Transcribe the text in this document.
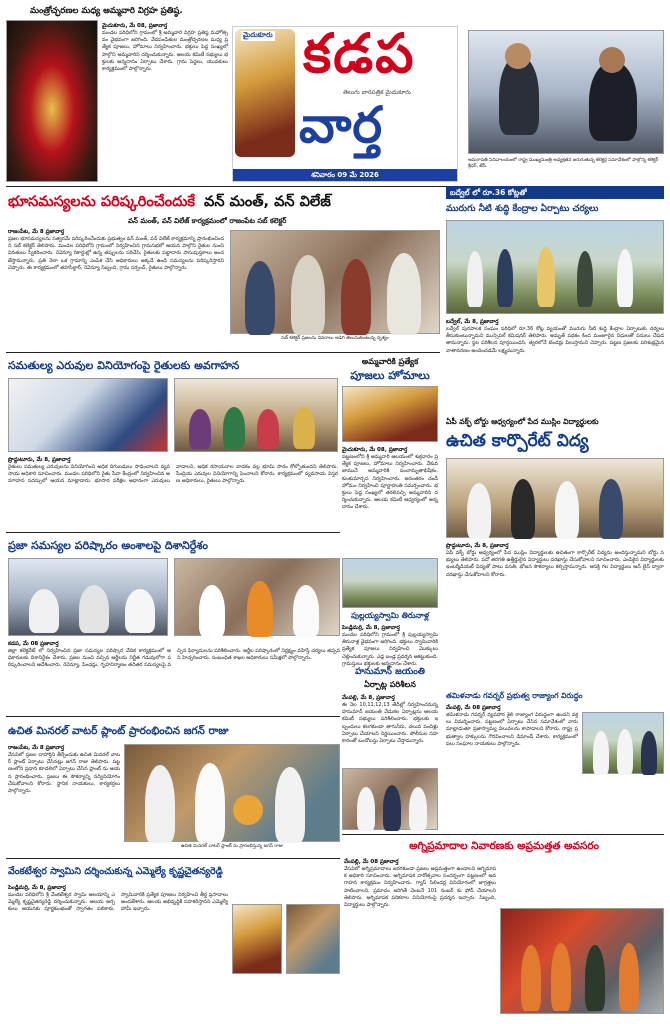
మంత్రోచ్ఛరణల మధ్య అమ్మవారి విగ్రహ ప్రతిష్ఠ.
మైదుకూరు, మే 08, ప్రజావార్త
మండల పరిధిలోని గ్రామంలో శ్రీ అమ్మవారి విగ్రహ ప్రతిష్ఠ మహోత్సవం వైభవంగా జరిగింది. వేదపండితుల మంత్రోచ్ఛరణల మధ్య ప్రత్యేక పూజలు, హోమాలు నిర్వహించారు. భక్తులు పెద్ద సంఖ్యలో పాల్గొని అమ్మవారిని దర్శించుకున్నారు. ఆలయ కమిటీ సభ్యులు భక్తులకు అన్నదానం ఏర్పాటు చేశారు. గ్రామ పెద్దలు, యువకులు కార్యక్రమంలో పాల్గొన్నారు.
మైదుకూరు కడప
తెలుగు వారపత్రిక మైదుకూరు
వార్త
శనివారం 09 మే 2026
అమరావతి సచివాలయంలో రాష్ట్ర ముఖ్యమంత్రి అధ్యక్షతన జరుగుతున్న కలెక్టర్ల సమావేశంలో పాల్గొన్న కలెక్టర్ శ్రీధర్, జేసీ.
భూసమస్యలను పరిష్కరించేందుకే వన్ మంత్, వన్ విలేజ్
బద్వేల్ లో రూ.36 కోట్లతో
మురుగు నీటి శుద్ధి కేంద్రాల ఏర్పాటు చర్యలు
వన్ మంత్, వన్ విలేజ్ కార్యక్రమంలో రాజంపేట సబ్ కలెక్టర్
రాజంపేట, మే 8 ప్రజావార్త
ప్రజల భూసమస్యలను సత్వరమే పరిష్కరించేందుకు ప్రభుత్వం వన్ మంత్, వన్ విలేజ్ కార్యక్రమాన్ని ప్రారంభించిందని సబ్ కలెక్టర్ తెలిపారు. మండల పరిధిలోని గ్రామంలో నిర్వహించిన గ్రామసభలో ఆయన పాల్గొని రైతుల నుంచి వినతులు స్వీకరించారు. రెవెన్యూ రికార్డుల్లో ఉన్న తప్పులను సరిచేసి, రైతులకు పట్టాదారు పాసుపుస్తకాలు అందజేస్తామన్నారు. ప్రతి నెలా ఒక గ్రామాన్ని ఎంపిక చేసి అధికారులు అక్కడే ఉండి సమస్యలను పరిష్కరిస్తారని చెప్పారు. ఈ కార్యక్రమంలో తహసీల్దార్, రెవెన్యూ సిబ్బంది, గ్రామ సర్పంచ్, రైతులు పాల్గొన్నారు.
సబ్ కలెక్టర్ ప్రజలను వివరాలు అడిగి తెలుసుకుంటున్న దృశ్యం
బద్వేల్, మే 8, ప్రజావార్త
బద్వేల్ పురపాలక సంఘం పరిధిలో రూ.36 కోట్ల వ్యయంతో మురుగు నీటి శుద్ధి కేంద్రాల ఏర్పాటుకు చర్యలు తీసుకుంటున్నామని మున్సిపల్ కమిషనర్ తెలిపారు. అమృత్ పథకం కింద మంజూరైన నిధులతో పనులు చేపడతామన్నారు. స్థల పరిశీలన పూర్తయిందని, త్వరలోనే టెండర్లు పిలుస్తామని చెప్పారు. పట్టణ ప్రజలకు పరిశుభ్రమైన వాతావరణం అందించడమే లక్ష్యమన్నారు.
సమతుల్య ఎరువుల వినియోగంపై రైతులకు అవగాహన
ప్రొద్దుటూరు, మే 8, ప్రజావార్త
రైతులు సమతుల్య ఎరువులను వినియోగించి అధిక దిగుబడులు సాధించాలని వ్యవసాయ అధికారి సూచించారు. మండల పరిధిలోని రైతు సేవా కేంద్రంలో నిర్వహించిన అవగాహన సదస్సులో ఆయన మాట్లాడారు. భూసార పరీక్షల ఆధారంగా ఎరువులు వాడాలని, అధిక రసాయనాల వాడకం వల్ల భూమి సారం కోల్పోతుందని తెలిపారు. సేంద్రియ ఎరువుల వినియోగాన్ని పెంచాలని కోరారు. కార్యక్రమంలో వ్యవసాయ విస్తరణ అధికారులు, రైతులు పాల్గొన్నారు.
అమ్మవారికి ప్రత్యేక
పూజలు హోమాలు
మైదుకూరు, మే 08, ప్రజావార్త
పట్టణంలోని శ్రీ అమ్మవారి ఆలయంలో శుక్రవారం ప్రత్యేక పూజలు, హోమాలు నిర్వహించారు. వేకువజామునే అమ్మవారికి పంచామృతాభిషేకం, కుంకుమార్చన నిర్వహించారు. అనంతరం చండీ హోమం నిర్వహించి పూర్ణాహుతి సమర్పించారు. భక్తులు పెద్ద సంఖ్యలో తరలివచ్చి అమ్మవారిని దర్శించుకున్నారు. ఆలయ కమిటీ ఆధ్వర్యంలో అన్నదానం చేశారు.
ఏపీ వక్ఫ్ బోర్డు ఆధ్వర్యంలో పేద ముస్లిం విద్యార్థులకు
ఉచిత కార్పొరేట్ విద్య
ప్రొద్దుటూరు, మే 8, ప్రజావార్త
ఏపీ వక్ఫ్ బోర్డు ఆధ్వర్యంలో పేద ముస్లిం విద్యార్థులకు ఉచితంగా కార్పొరేట్ విద్యను అందిస్తున్నామని బోర్డు సభ్యులు తెలిపారు. పదో తరగతి ఉత్తీర్ణులైన విద్యార్థులు దరఖాస్తు చేసుకోవాలని సూచించారు. ఎంపికైన విద్యార్థులకు ఇంటర్మీడియట్ విద్యతో పాటు వసతి, భోజన సౌకర్యాలు కల్పిస్తామన్నారు. ఆసక్తి గల విద్యార్థులు ఆన్ లైన్ ద్వారా దరఖాస్తు చేసుకోవాలని కోరారు.
ప్రజా సమస్యల పరిష్కారం అంశాలపై దిశానిర్దేశం
కడప, మే 08 ప్రజావార్త
జిల్లా కలెక్టరేట్ లో నిర్వహించిన ప్రజా సమస్యల పరిష్కార వేదిక కార్యక్రమంలో అధికారులకు దిశానిర్దేశం చేశారు. ప్రజల నుంచి వచ్చిన అర్జీలను నిర్ణీత గడువులోగా పరిష్కరించాలని ఆదేశించారు. రెవెన్యూ, పింఛన్లు, గృహనిర్మాణం తదితర సమస్యలపై వచ్చిన ఫిర్యాదులను పరిశీలించారు. అర్జీల పరిష్కారంలో నిర్లక్ష్యం వహిస్తే చర్యలు తప్పవని హెచ్చరించారు. సంబంధిత శాఖల అధికారులు సమీక్షలో పాల్గొన్నారు.
పుల్లయ్యస్వామి తిరునాళ్ల
పెండ్లిమర్రి, మే 8, ప్రజావార్త
మండల పరిధిలోని గ్రామంలో శ్రీ పుల్లయ్యస్వామి తిరునాళ్ల వైభవంగా జరిగింది. భక్తులు స్వామివారికి ప్రత్యేక పూజలు నిర్వహించి మొక్కులు చెల్లించుకున్నారు. ఎడ్ల బండ్ల ప్రదర్శన ఆకట్టుకుంది. గ్రామస్తులు భక్తులకు అన్నదానం చేశారు.
హనుమాన్ జయంతి
ఏర్పాట్ల పరిశీలన
వేంపల్లి, మే 8, ప్రజావార్త
ఈ నెల 10,11,12,13 తేదీల్లో నిర్వహించనున్న హనుమాన్ జయంతి వేడుకల ఏర్పాట్లను ఆలయ కమిటీ సభ్యులు పరిశీలించారు. భక్తులకు ఇబ్బందులు కలగకుండా తాగునీరు, చలువ పందిళ్లు ఏర్పాటు చేయాలని నిర్ణయించారు. పోలీసుల సహకారంతో బందోబస్తు ఏర్పాటు చేస్తామన్నారు.
తమిళనాడు గవర్నర్ ప్రభుత్వ రాజ్యాంగ విరుద్ధం
వేంపల్లి, మే 08 ప్రజావార్త
తమిళనాడు గవర్నర్ వ్యవహార శైలి రాజ్యాంగ విరుద్ధంగా ఉందని వక్తలు విమర్శించారు. పట్టణంలో ఏర్పాటు చేసిన సమావేశంలో వారు మాట్లాడుతూ ప్రజాస్వామ్య విలువలను కాపాడాలని కోరారు. రాష్ట్ర ప్రభుత్వాల హక్కులను గౌరవించాలని డిమాండ్ చేశారు. కార్యక్రమంలో పలు సంఘాల నాయకులు పాల్గొన్నారు.
ఉచిత మినరల్ వాటర్ ప్లాంట్ ప్రారంభించిన జగన్ రాజు
రాజంపేట, మే 8 ప్రజావార్త
వేసవిలో ప్రజల దాహార్తిని తీర్చేందుకు ఉచిత మినరల్ వాటర్ ప్లాంట్ ఏర్పాటు చేసినట్లు జగన్ రాజు తెలిపారు. పట్టణంలోని ప్రధాన కూడలిలో ఏర్పాటు చేసిన ప్లాంట్ ను ఆయన ప్రారంభించారు. ప్రజలు ఈ సౌకర్యాన్ని సద్వినియోగం చేసుకోవాలని కోరారు. స్థానిక నాయకులు, కార్యకర్తలు పాల్గొన్నారు.
ఉచిత మినరల్ వాటర్ ప్లాంట్ ను ప్రారంభిస్తున్న జగన్ రాజు	అగ్నిప్రమాదాల నివారణకు అప్రమత్తత అవసరం
వేంపల్లి, మే 08 ప్రజావార్త
వేసవిలో అగ్నిప్రమాదాలు జరగకుండా ప్రజలు అప్రమత్తంగా ఉండాలని అగ్నిమాపక అధికారి సూచించారు. అగ్నిమాపక వారోత్సవాల సందర్భంగా పట్టణంలో అవగాహన కార్యక్రమం నిర్వహించారు. గ్యాస్ సిలిండర్ల వినియోగంలో జాగ్రత్తలు పాటించాలని, ప్రమాదం జరిగితే వెంటనే 101 నంబర్ కు ఫోన్ చేయాలని తెలిపారు. అగ్నిమాపక పరికరాల వినియోగంపై ప్రదర్శన ఇచ్చారు. సిబ్బంది, విద్యార్థులు పాల్గొన్నారు.
వేంకటేశ్వర స్వామిని దర్శించుకున్న ఎమ్మెల్యే కృష్ణచైతన్యరెడ్డి
పెండ్లిమర్రి, మే 8, ప్రజావార్త
మండల పరిధిలోని శ్రీ వేంకటేశ్వర స్వామి ఆలయాన్ని ఎమ్మెల్యే కృష్ణచైతన్యరెడ్డి దర్శించుకున్నారు. ఆలయ అర్చకులు ఆయనకు పూర్ణకుంభంతో స్వాగతం పలికారు. స్వామివారికి ప్రత్యేక పూజలు నిర్వహించి తీర్థ ప్రసాదాలు అందజేశారు. ఆలయ అభివృద్ధికి సహకరిస్తానని ఎమ్మెల్యే హామీ ఇచ్చారు.
